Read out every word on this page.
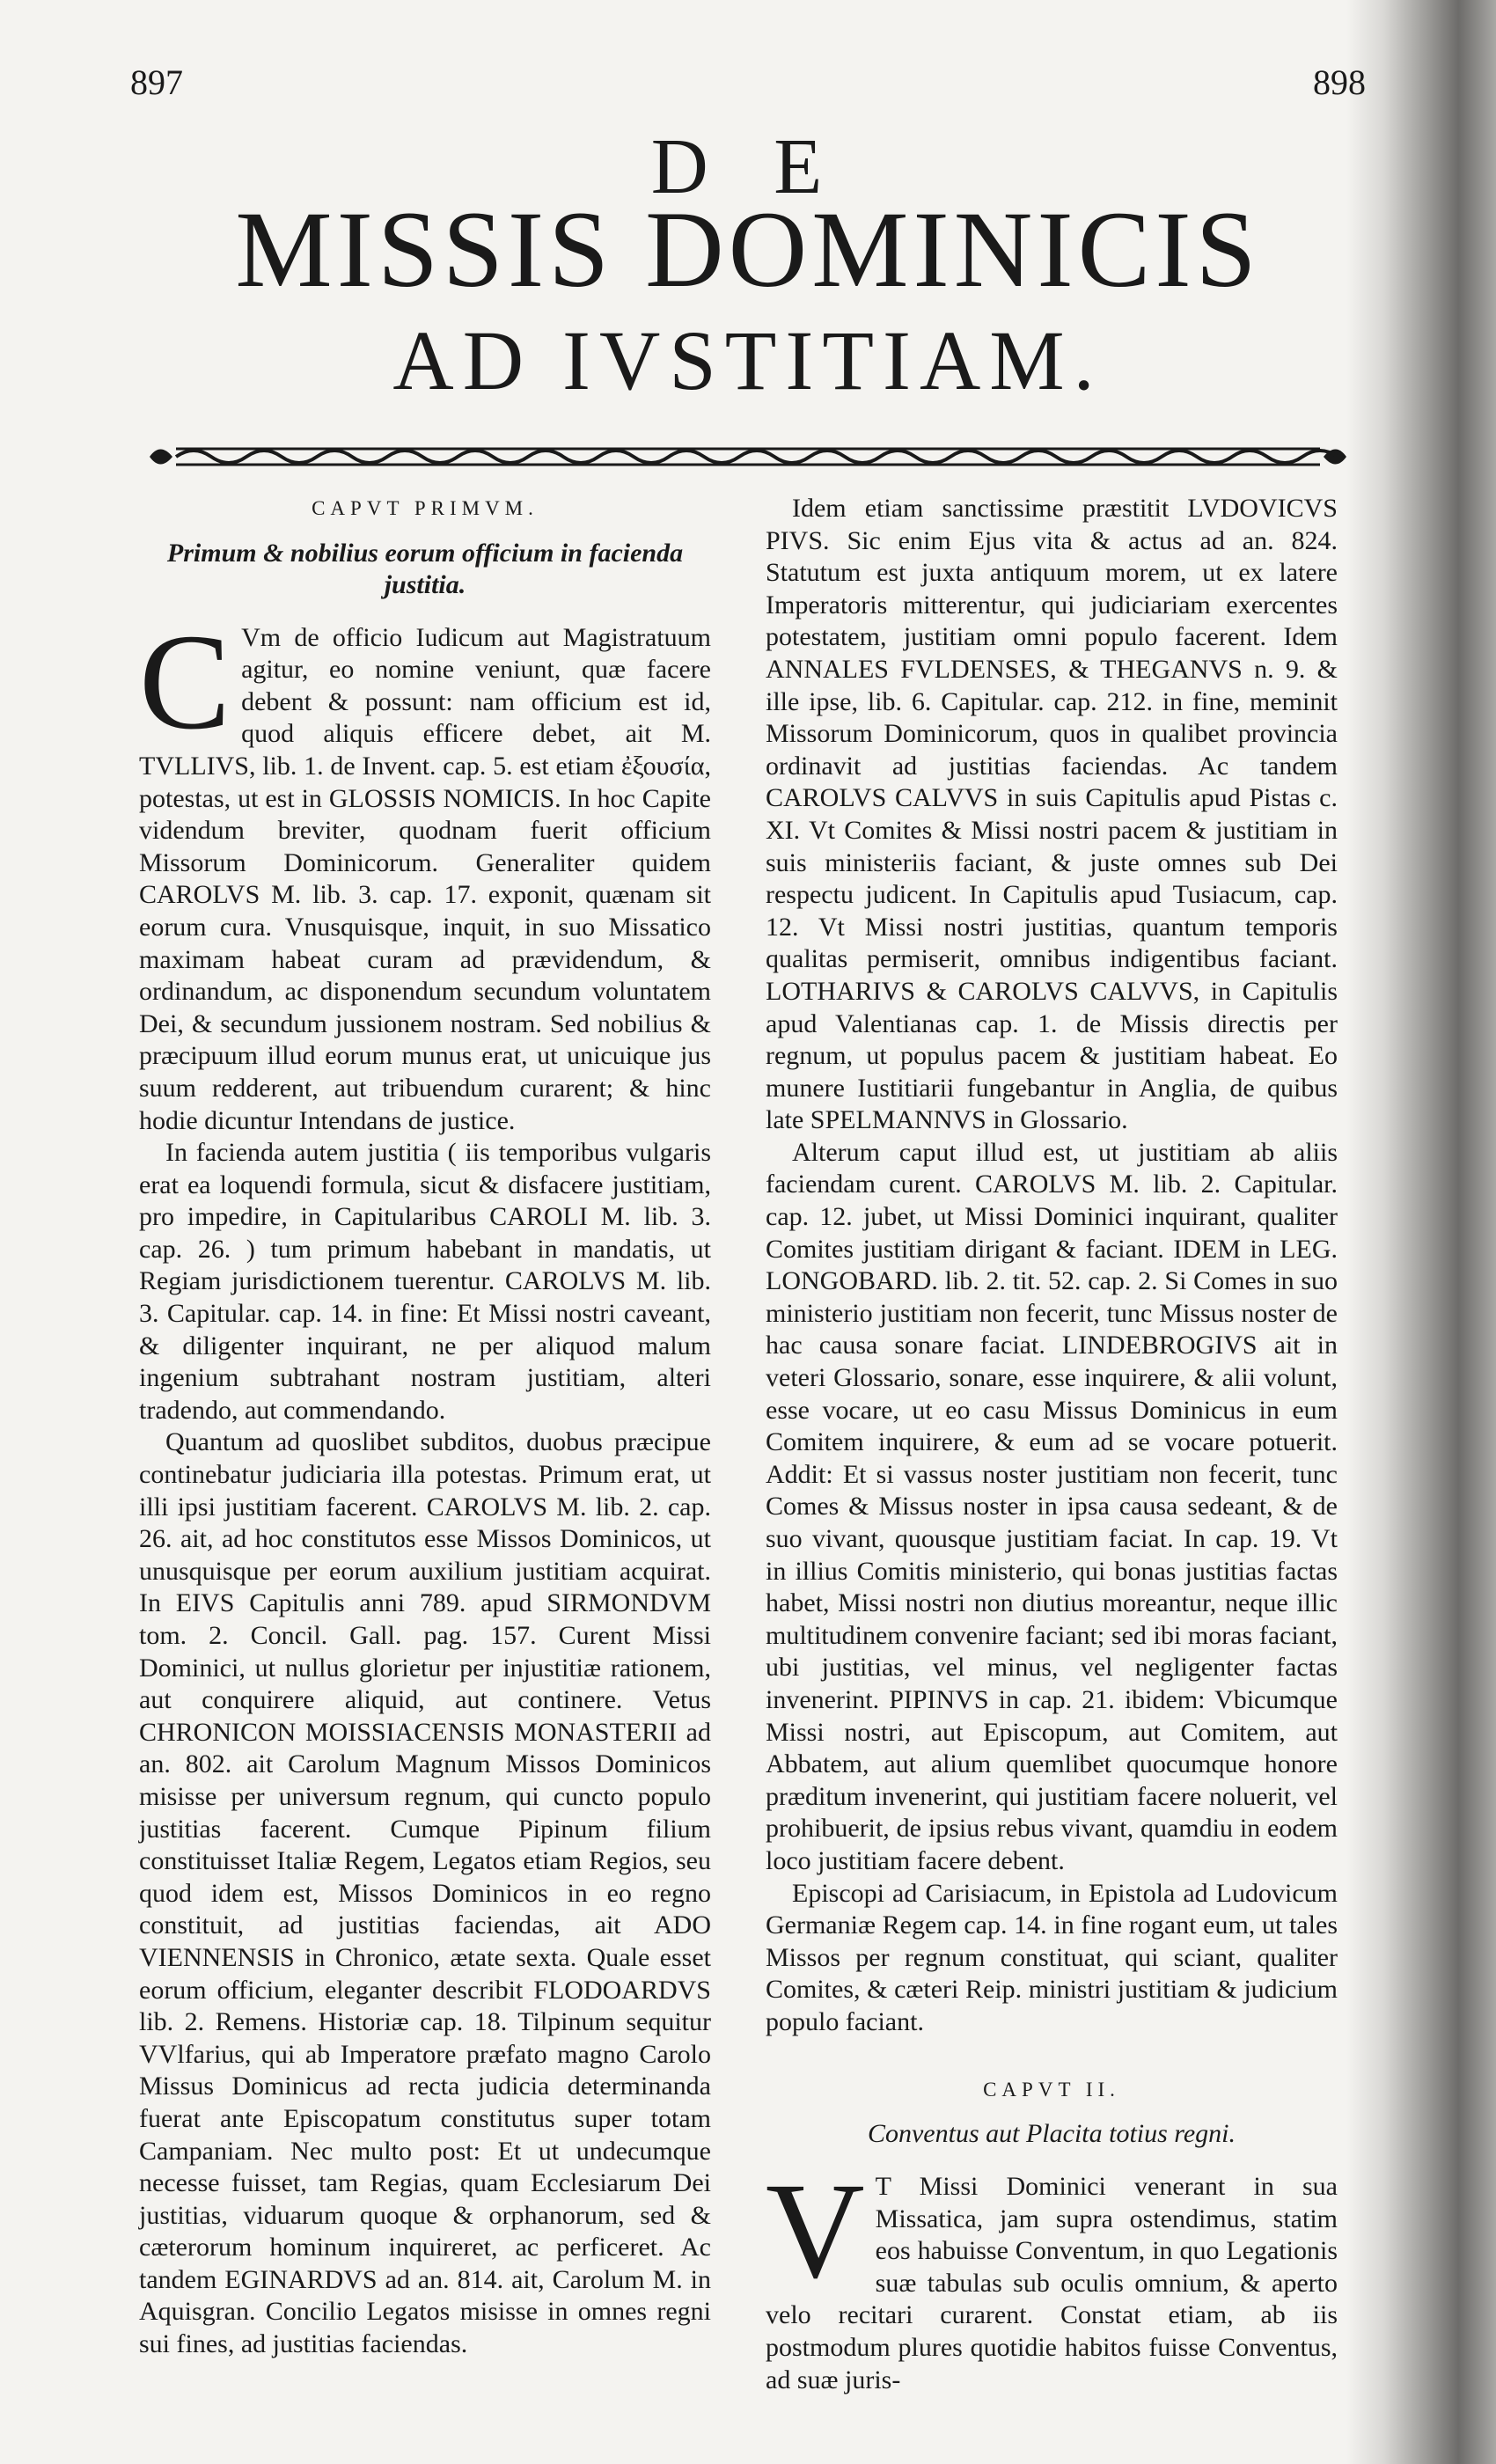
897	898
D E
MISSIS DOMINICIS
AD IVSTITIAM.
CAPVT PRIMVM.
Primum & nobilius eorum officium in facienda justitia.

C Vm de officio Iudicum aut Magistratuum agitur, eo nomine veniunt, quæ facere debent & possunt: nam officium est id, quod aliquis efficere debet, ait M. TVLLIVS, lib. 1. de Invent. cap. 5. est etiam ἐξουσία, potestas, ut est in GLOSSIS NOMICIS. In hoc Capite videndum breviter, quodnam fuerit officium Missorum Dominicorum. Generaliter quidem CAROLVS M. lib. 3. cap. 17. exponit, quænam sit eorum cura. Vnusquisque, inquit, in suo Missatico maximam habeat curam ad prævidendum, & ordinandum, ac disponendum secundum voluntatem Dei, & secundum jussionem nostram. Sed nobilius & præcipuum illud eorum munus erat, ut unicuique jus suum redderent, aut tribuendum curarent; & hinc hodie dicuntur Intendans de justice.

In facienda autem justitia ( iis temporibus vulgaris erat ea loquendi formula, sicut & disfacere justitiam, pro impedire, in Capitularibus CAROLI M. lib. 3. cap. 26. ) tum primum habebant in mandatis, ut Regiam jurisdictionem tuerentur. CAROLVS M. lib. 3. Capitular. cap. 14. in fine: Et Missi nostri caveant, & diligenter inquirant, ne per aliquod malum ingenium subtrahant nostram justitiam, alteri tradendo, aut commendando.

Quantum ad quoslibet subditos, duobus præcipue continebatur judiciaria illa potestas. Primum erat, ut illi ipsi justitiam facerent. CAROLVS M. lib. 2. cap. 26. ait, ad hoc constitutos esse Missos Dominicos, ut unusquisque per eorum auxilium justitiam acquirat. In EIVS Capitulis anni 789. apud SIRMONDVM tom. 2. Concil. Gall. pag. 157. Curent Missi Dominici, ut nullus glorietur per injustitiæ rationem, aut conquirere aliquid, aut continere. Vetus CHRONICON MOISSIACENSIS MONASTERII ad an. 802. ait Carolum Magnum Missos Dominicos misisse per universum regnum, qui cuncto populo justitias facerent. Cumque Pipinum filium constituisset Italiæ Regem, Legatos etiam Regios, seu quod idem est, Missos Dominicos in eo regno constituit, ad justitias faciendas, ait ADO VIENNENSIS in Chronico, ætate sexta. Quale esset eorum officium, eleganter describit FLODOARDVS lib. 2. Remens. Historiæ cap. 18. Tilpinum sequitur VVlfarius, qui ab Imperatore præfato magno Carolo Missus Dominicus ad recta judicia determinanda fuerat ante Episcopatum constitutus super totam Campaniam. Nec multo post: Et ut undecumque necesse fuisset, tam Regias, quam Ecclesiarum Dei justitias, viduarum quoque & orphanorum, sed & cæterorum hominum inquireret, ac perficeret. Ac tandem EGINARDVS ad an. 814. ait, Carolum M. in Aquisgran. Concilio Legatos misisse in omnes regni sui fines, ad justitias faciendas.

Idem etiam sanctissime præstitit LVDOVICVS PIVS. Sic enim Ejus vita & actus ad an. 824. Statutum est juxta antiquum morem, ut ex latere Imperatoris mitterentur, qui judiciariam exercentes potestatem, justitiam omni populo facerent. Idem ANNALES FVLDENSES, & THEGANVS n. 9. & ille ipse, lib. 6. Capitular. cap. 212. in fine, meminit Missorum Dominicorum, quos in qualibet provincia ordinavit ad justitias faciendas. Ac tandem CAROLVS CALVVS in suis Capitulis apud Pistas c. XI. Vt Comites & Missi nostri pacem & justitiam in suis ministeriis faciant, & juste omnes sub Dei respectu judicent. In Capitulis apud Tusiacum, cap. 12. Vt Missi nostri justitias, quantum temporis qualitas permiserit, omnibus indigentibus faciant. LOTHARIVS & CAROLVS CALVVS, in Capitulis apud Valentianas cap. 1. de Missis directis per regnum, ut populus pacem & justitiam habeat. Eo munere Iustitiarii fungebantur in Anglia, de quibus late SPELMANNVS in Glossario.

Alterum caput illud est, ut justitiam ab aliis faciendam curent. CAROLVS M. lib. 2. Capitular. cap. 12. jubet, ut Missi Dominici inquirant, qualiter Comites justitiam dirigant & faciant. IDEM in LEG. LONGOBARD. lib. 2. tit. 52. cap. 2. Si Comes in suo ministerio justitiam non fecerit, tunc Missus noster de hac causa sonare faciat. LINDEBROGIVS ait in veteri Glossario, sonare, esse inquirere, & alii volunt, esse vocare, ut eo casu Missus Dominicus in eum Comitem inquirere, & eum ad se vocare potuerit. Addit: Et si vassus noster justitiam non fecerit, tunc Comes & Missus noster in ipsa causa sedeant, & de suo vivant, quousque justitiam faciat. In cap. 19. Vt in illius Comitis ministerio, qui bonas justitias factas habet, Missi nostri non diutius moreantur, neque illic multitudinem convenire faciant; sed ibi moras faciant, ubi justitias, vel minus, vel negligenter factas invenerint. PIPINVS in cap. 21. ibidem: Vbicumque Missi nostri, aut Episcopum, aut Comitem, aut Abbatem, aut alium quemlibet quocumque honore præditum invenerint, qui justitiam facere noluerit, vel prohibuerit, de ipsius rebus vivant, quamdiu in eodem loco justitiam facere debent.

Episcopi ad Carisiacum, in Epistola ad Ludovicum Germaniæ Regem cap. 14. in fine rogant eum, ut tales Missos per regnum constituat, qui sciant, qualiter Comites, & cæteri Reip. ministri justitiam & judicium populo faciant.

CAPVT II.
Conventus aut Placita totius regni.

V T Missi Dominici venerant in sua Missatica, jam supra ostendimus, statim eos habuisse Conventum, in quo Legationis suæ tabulas sub oculis omnium, & aperto velo recitari curarent. Constat etiam, ab iis postmodum plures quotidie habitos fuisse Conventus, ad suæ juris-
